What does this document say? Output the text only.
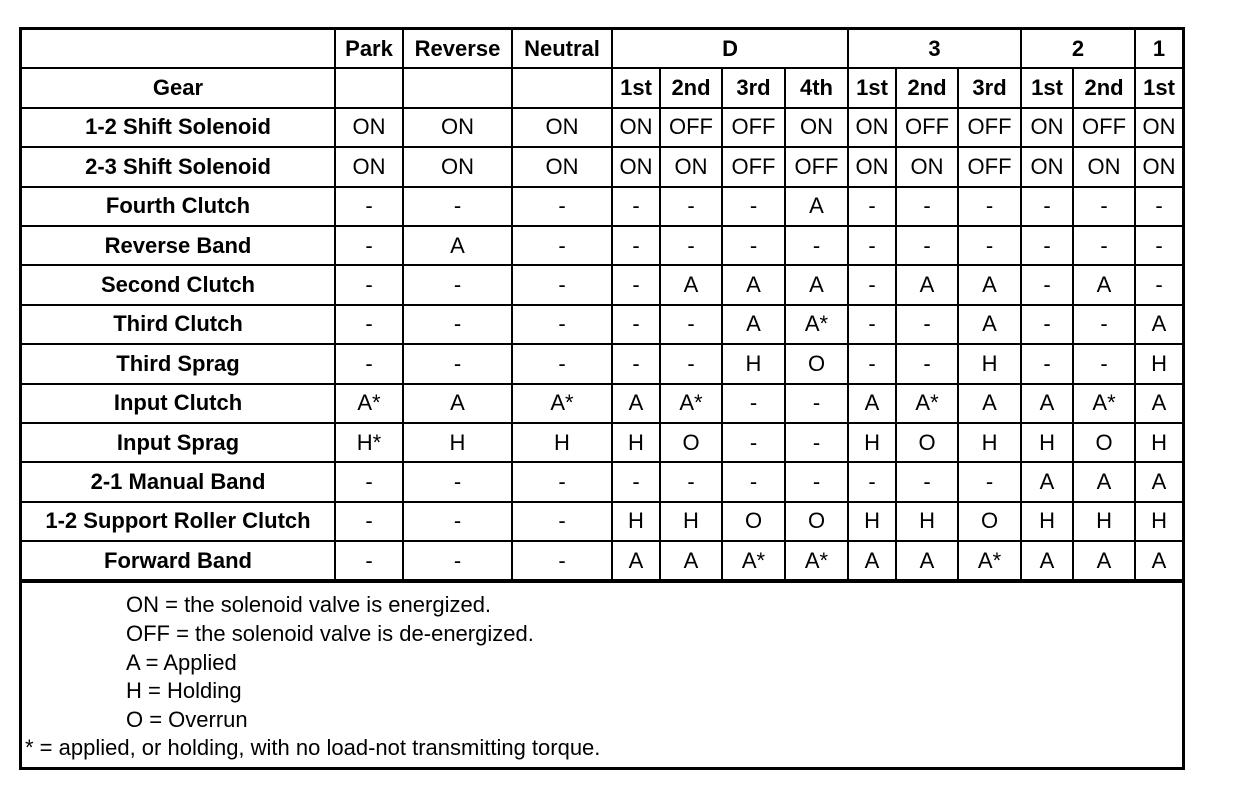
	Park	Reverse	Neutral	D				3			2		1
Gear				1st	2nd	3rd	4th	1st	2nd	3rd	1st	2nd	1st
1-2 Shift Solenoid	ON	ON	ON	ON	OFF	OFF	ON	ON	OFF	OFF	ON	OFF	ON
2-3 Shift Solenoid	ON	ON	ON	ON	ON	OFF	OFF	ON	ON	OFF	ON	ON	ON
Fourth Clutch	-	-	-	-	-	-	A	-	-	-	-	-	-
Reverse Band	-	A	-	-	-	-	-	-	-	-	-	-	-
Second Clutch	-	-	-	-	A	A	A	-	A	A	-	A	-
Third Clutch	-	-	-	-	-	A	A*	-	-	A	-	-	A
Third Sprag	-	-	-	-	-	H	O	-	-	H	-	-	H
Input Clutch	A*	A	A*	A	A*	-	-	A	A*	A	A	A*	A
Input Sprag	H*	H	H	H	O	-	-	H	O	H	H	O	H
2-1 Manual Band	-	-	-	-	-	-	-	-	-	-	A	A	A
1-2 Support Roller Clutch	-	-	-	H	H	O	O	H	H	O	H	H	H
Forward Band	-	-	-	A	A	A*	A*	A	A	A*	A	A	A
ON = the solenoid valve is energized.
OFF = the solenoid valve is de-energized.
A = Applied
H = Holding
O = Overrun
* = applied, or holding, with no load-not transmitting torque.
